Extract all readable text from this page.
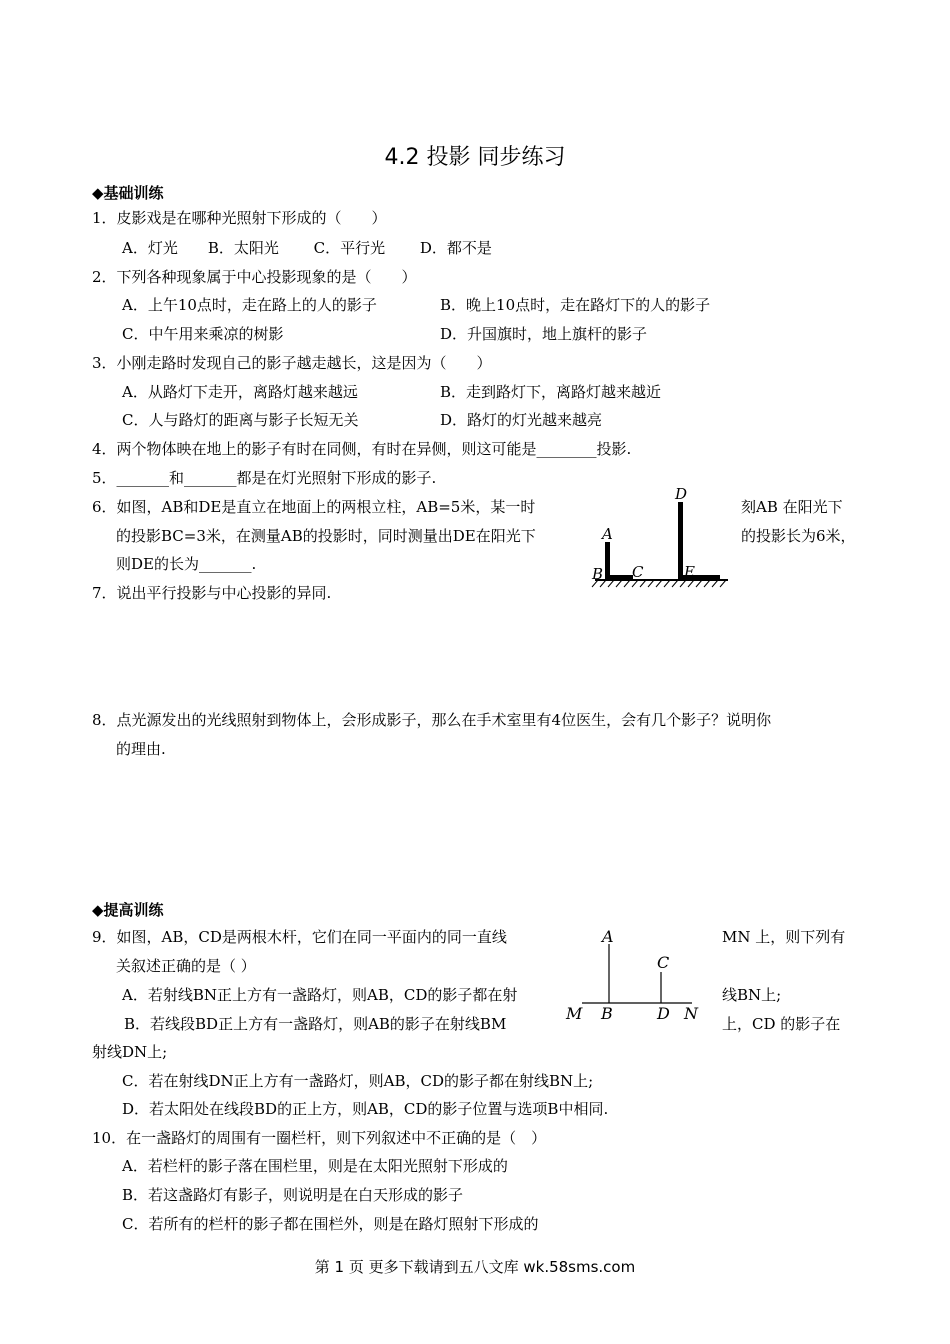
4.2 投影 同步练习
◆基础训练
1．皮影戏是在哪种光照射下形成的（　　）
A．灯光　　B．太阳光　　 C．平行光　　 D．都不是
2．下列各种现象属于中心投影现象的是（　　）
A．上午10点时，走在路上的人的影子	B．晚上10点时，走在路灯下的人的影子
C．中午用来乘凉的树影	D．升国旗时，地上旗杆的影子
3．小刚走路时发现自己的影子越走越长，这是因为（　　）
A．从路灯下走开，离路灯越来越远	B．走到路灯下，离路灯越来越近
C．人与路灯的距离与影子长短无关	D．路灯的灯光越来越亮
4．两个物体映在地上的影子有时在同侧，有时在异侧，则这可能是________投影.
5．_______和_______都是在灯光照射下形成的影子.
6．如图，AB和DE是直立在地面上的两根立柱，AB=5米，某一时	刻AB 在阳光下
的投影BC=3米，在测量AB的投影时，同时测量出DE在阳光下	的投影长为6米，
则DE的长为_______.
A
B C
D
E
7．说出平行投影与中心投影的异同.
8．点光源发出的光线照射到物体上，会形成影子，那么在手术室里有4位医生，会有几个影子？说明你
的理由.
◆提高训练
9．如图，AB，CD是两根木杆，它们在同一平面内的同一直线	MN 上，则下列有
关叙述正确的是（ ）
A．若射线BN正上方有一盏路灯，则AB，CD的影子都在射	线BN上;
B．若线段BD正上方有一盏路灯，则AB的影子在射线BM	上，CD 的影子在
射线DN上;
C．若在射线DN正上方有一盏路灯，则AB，CD的影子都在射线BN上;
D．若太阳处在线段BD的正上方，则AB，CD的影子位置与选项B中相同.
A
C
M B	D N
10．在一盏路灯的周围有一圈栏杆，则下列叙述中不正确的是（　）
A．若栏杆的影子落在围栏里，则是在太阳光照射下形成的
B．若这盏路灯有影子，则说明是在白天形成的影子
C．若所有的栏杆的影子都在围栏外，则是在路灯照射下形成的
第 1 页 更多下载请到五八文库 wk.58sms.com
